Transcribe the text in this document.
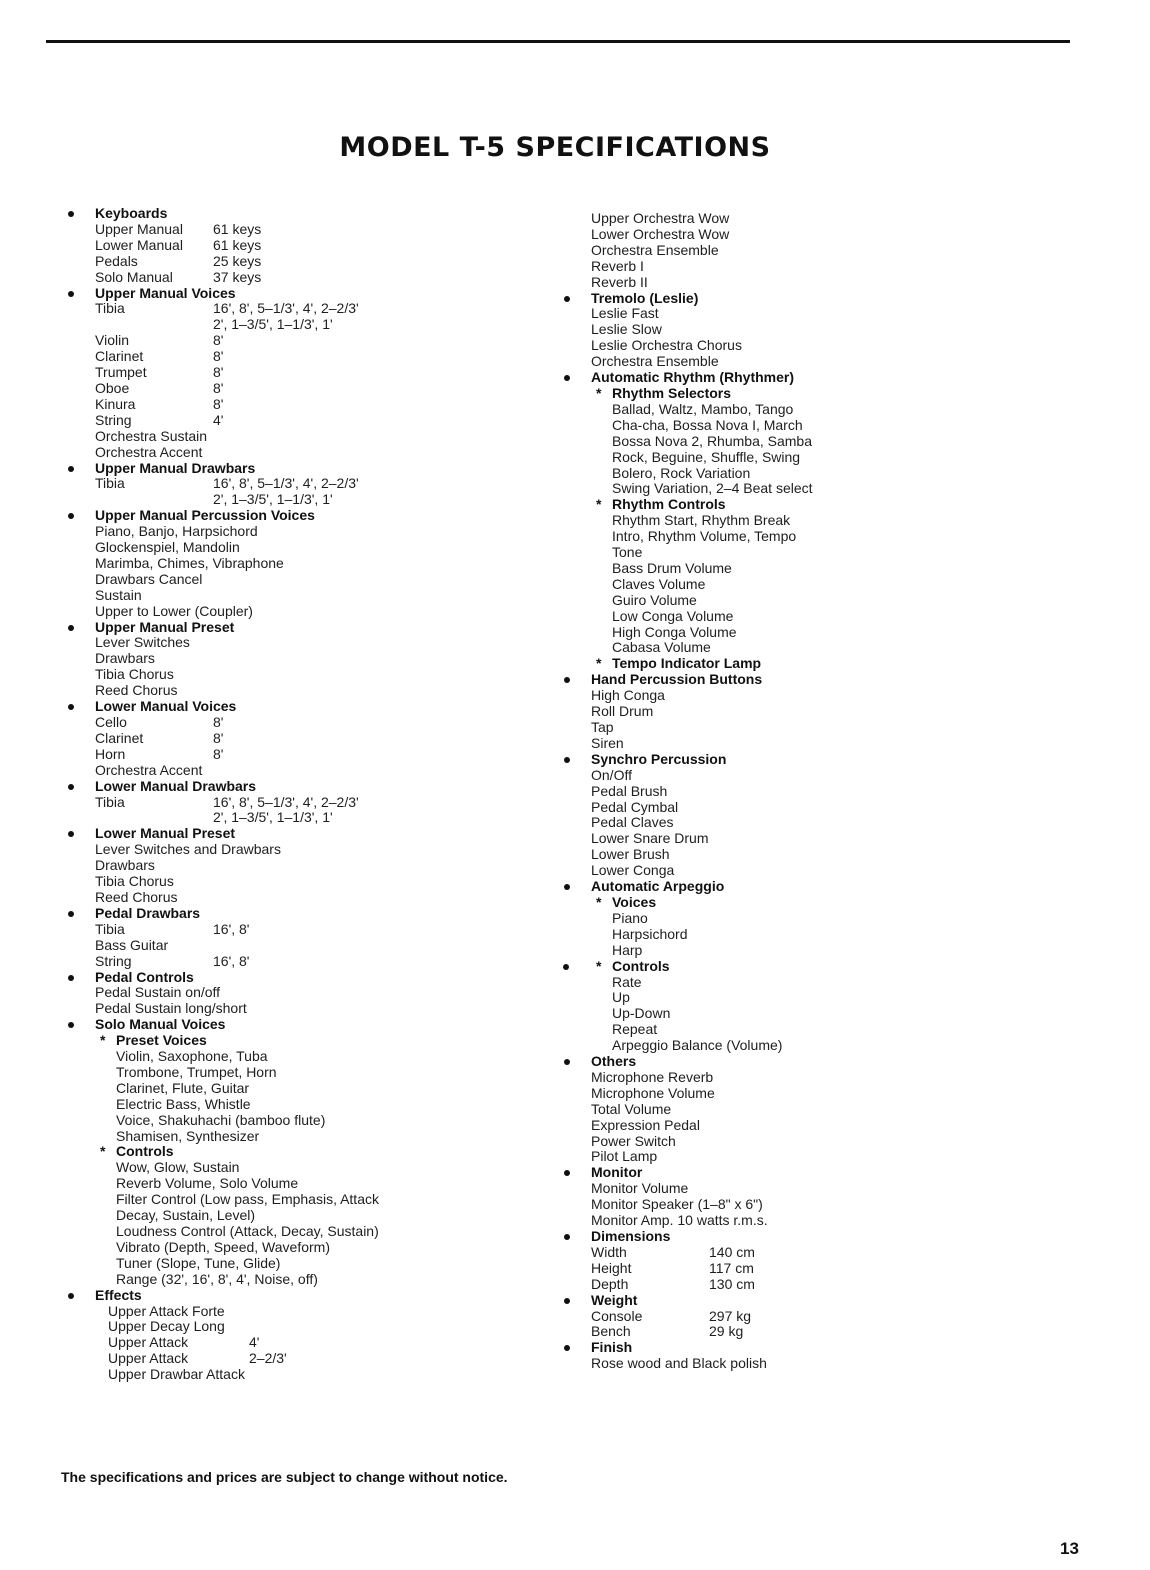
MODEL T-5 SPECIFICATIONS
Keyboards
Upper Manual	61 keys
Lower Manual	61 keys
Pedals	25 keys
Solo Manual	37 keys
Upper Manual Voices
Tibia	16', 8', 5–1/3', 4', 2–2/3'
2', 1–3/5', 1–1/3', 1'
Violin	8'
Clarinet	8'
Trumpet	8'
Oboe	8'
Kinura	8'
String	4'
Orchestra Sustain
Orchestra Accent
Upper Manual Drawbars
Tibia	16', 8', 5–1/3', 4', 2–2/3'
2', 1–3/5', 1–1/3', 1'
Upper Manual Percussion Voices
Piano, Banjo, Harpsichord
Glockenspiel, Mandolin
Marimba, Chimes, Vibraphone
Drawbars Cancel
Sustain
Upper to Lower (Coupler)
Upper Manual Preset
Lever Switches
Drawbars
Tibia Chorus
Reed Chorus
Lower Manual Voices
Cello	8'
Clarinet	8'
Horn	8'
Orchestra Accent
Lower Manual Drawbars
Tibia	16', 8', 5–1/3', 4', 2–2/3'
2', 1–3/5', 1–1/3', 1'
Lower Manual Preset
Lever Switches and Drawbars
Drawbars
Tibia Chorus
Reed Chorus
Pedal Drawbars
Tibia	16', 8'
Bass Guitar
String	16', 8'
Pedal Controls
Pedal Sustain on/off
Pedal Sustain long/short
Solo Manual Voices
* Preset Voices
Violin, Saxophone, Tuba
Trombone, Trumpet, Horn
Clarinet, Flute, Guitar
Electric Bass, Whistle
Voice, Shakuhachi (bamboo flute)
Shamisen, Synthesizer
* Controls
Wow, Glow, Sustain
Reverb Volume, Solo Volume
Filter Control (Low pass, Emphasis, Attack
Decay, Sustain, Level)
Loudness Control (Attack, Decay, Sustain)
Vibrato (Depth, Speed, Waveform)
Tuner (Slope, Tune, Glide)
Range (32', 16', 8', 4', Noise, off)
Effects
Upper Attack Forte
Upper Decay Long
Upper Attack	4'
Upper Attack	2–2/3'
Upper Drawbar Attack
Upper Orchestra Wow
Lower Orchestra Wow
Orchestra Ensemble
Reverb I
Reverb II
Tremolo (Leslie)
Leslie Fast
Leslie Slow
Leslie Orchestra Chorus
Orchestra Ensemble
Automatic Rhythm (Rhythmer)
* Rhythm Selectors
Ballad, Waltz, Mambo, Tango
Cha-cha, Bossa Nova I, March
Bossa Nova 2, Rhumba, Samba
Rock, Beguine, Shuffle, Swing
Bolero, Rock Variation
Swing Variation, 2–4 Beat select
* Rhythm Controls
Rhythm Start, Rhythm Break
Intro, Rhythm Volume, Tempo
Tone
Bass Drum Volume
Claves Volume
Guiro Volume
Low Conga Volume
High Conga Volume
Cabasa Volume
* Tempo Indicator Lamp
Hand Percussion Buttons
High Conga
Roll Drum
Tap
Siren
Synchro Percussion
On/Off
Pedal Brush
Pedal Cymbal
Pedal Claves
Lower Snare Drum
Lower Brush
Lower Conga
Automatic Arpeggio
* Voices
Piano
Harpsichord
Harp
* Controls
Rate
Up
Up-Down
Repeat
Arpeggio Balance (Volume)
Others
Microphone Reverb
Microphone Volume
Total Volume
Expression Pedal
Power Switch
Pilot Lamp
Monitor
Monitor Volume
Monitor Speaker (1–8" x 6")
Monitor Amp. 10 watts r.m.s.
Dimensions
Width	140 cm
Height	117 cm
Depth	130 cm
Weight
Console	297 kg
Bench	29 kg
Finish
Rose wood and Black polish
The specifications and prices are subject to change without notice.
13
